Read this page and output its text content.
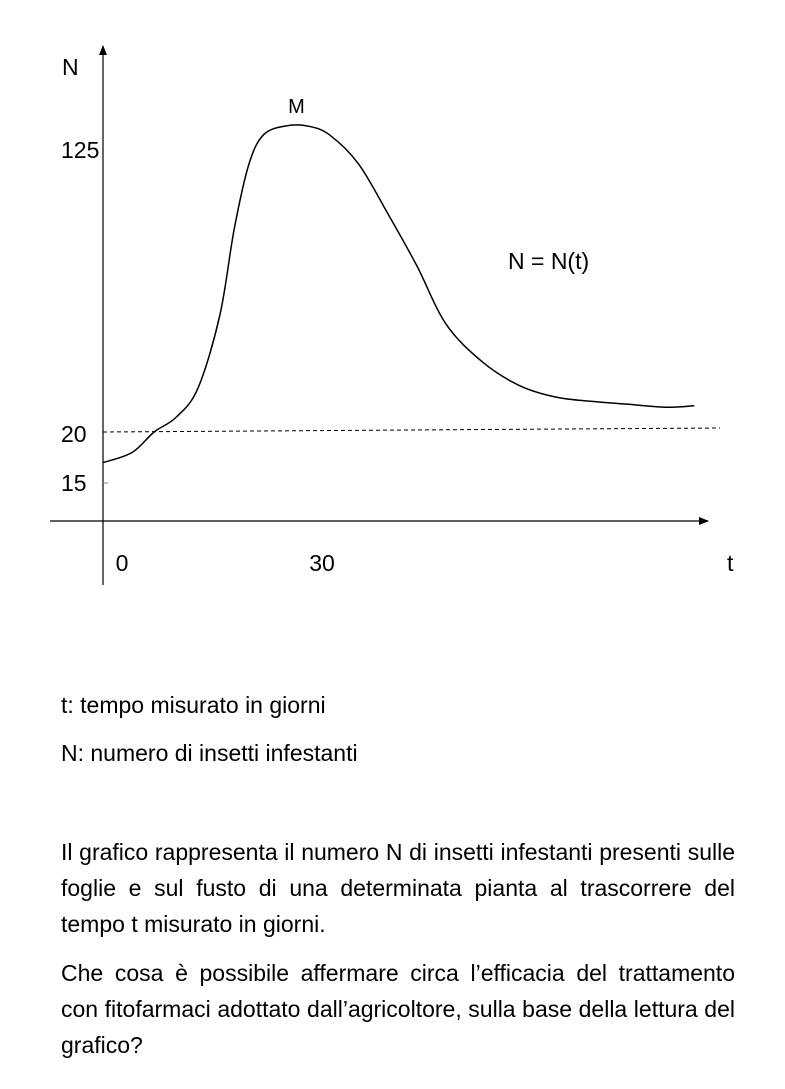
N
t
125
20
15
0	30
M
N = N(t)
t: tempo misurato in giorni
N: numero di insetti infestanti

Il grafico rappresenta il numero N di insetti infestanti presenti sulle foglie e sul fusto di una determinata pianta al trascorrere del tempo t misurato in giorni.

Che cosa è possibile affermare circa l’efficacia del trattamento con fitofarmaci adottato dall’agricoltore, sulla base della lettura del grafico?
